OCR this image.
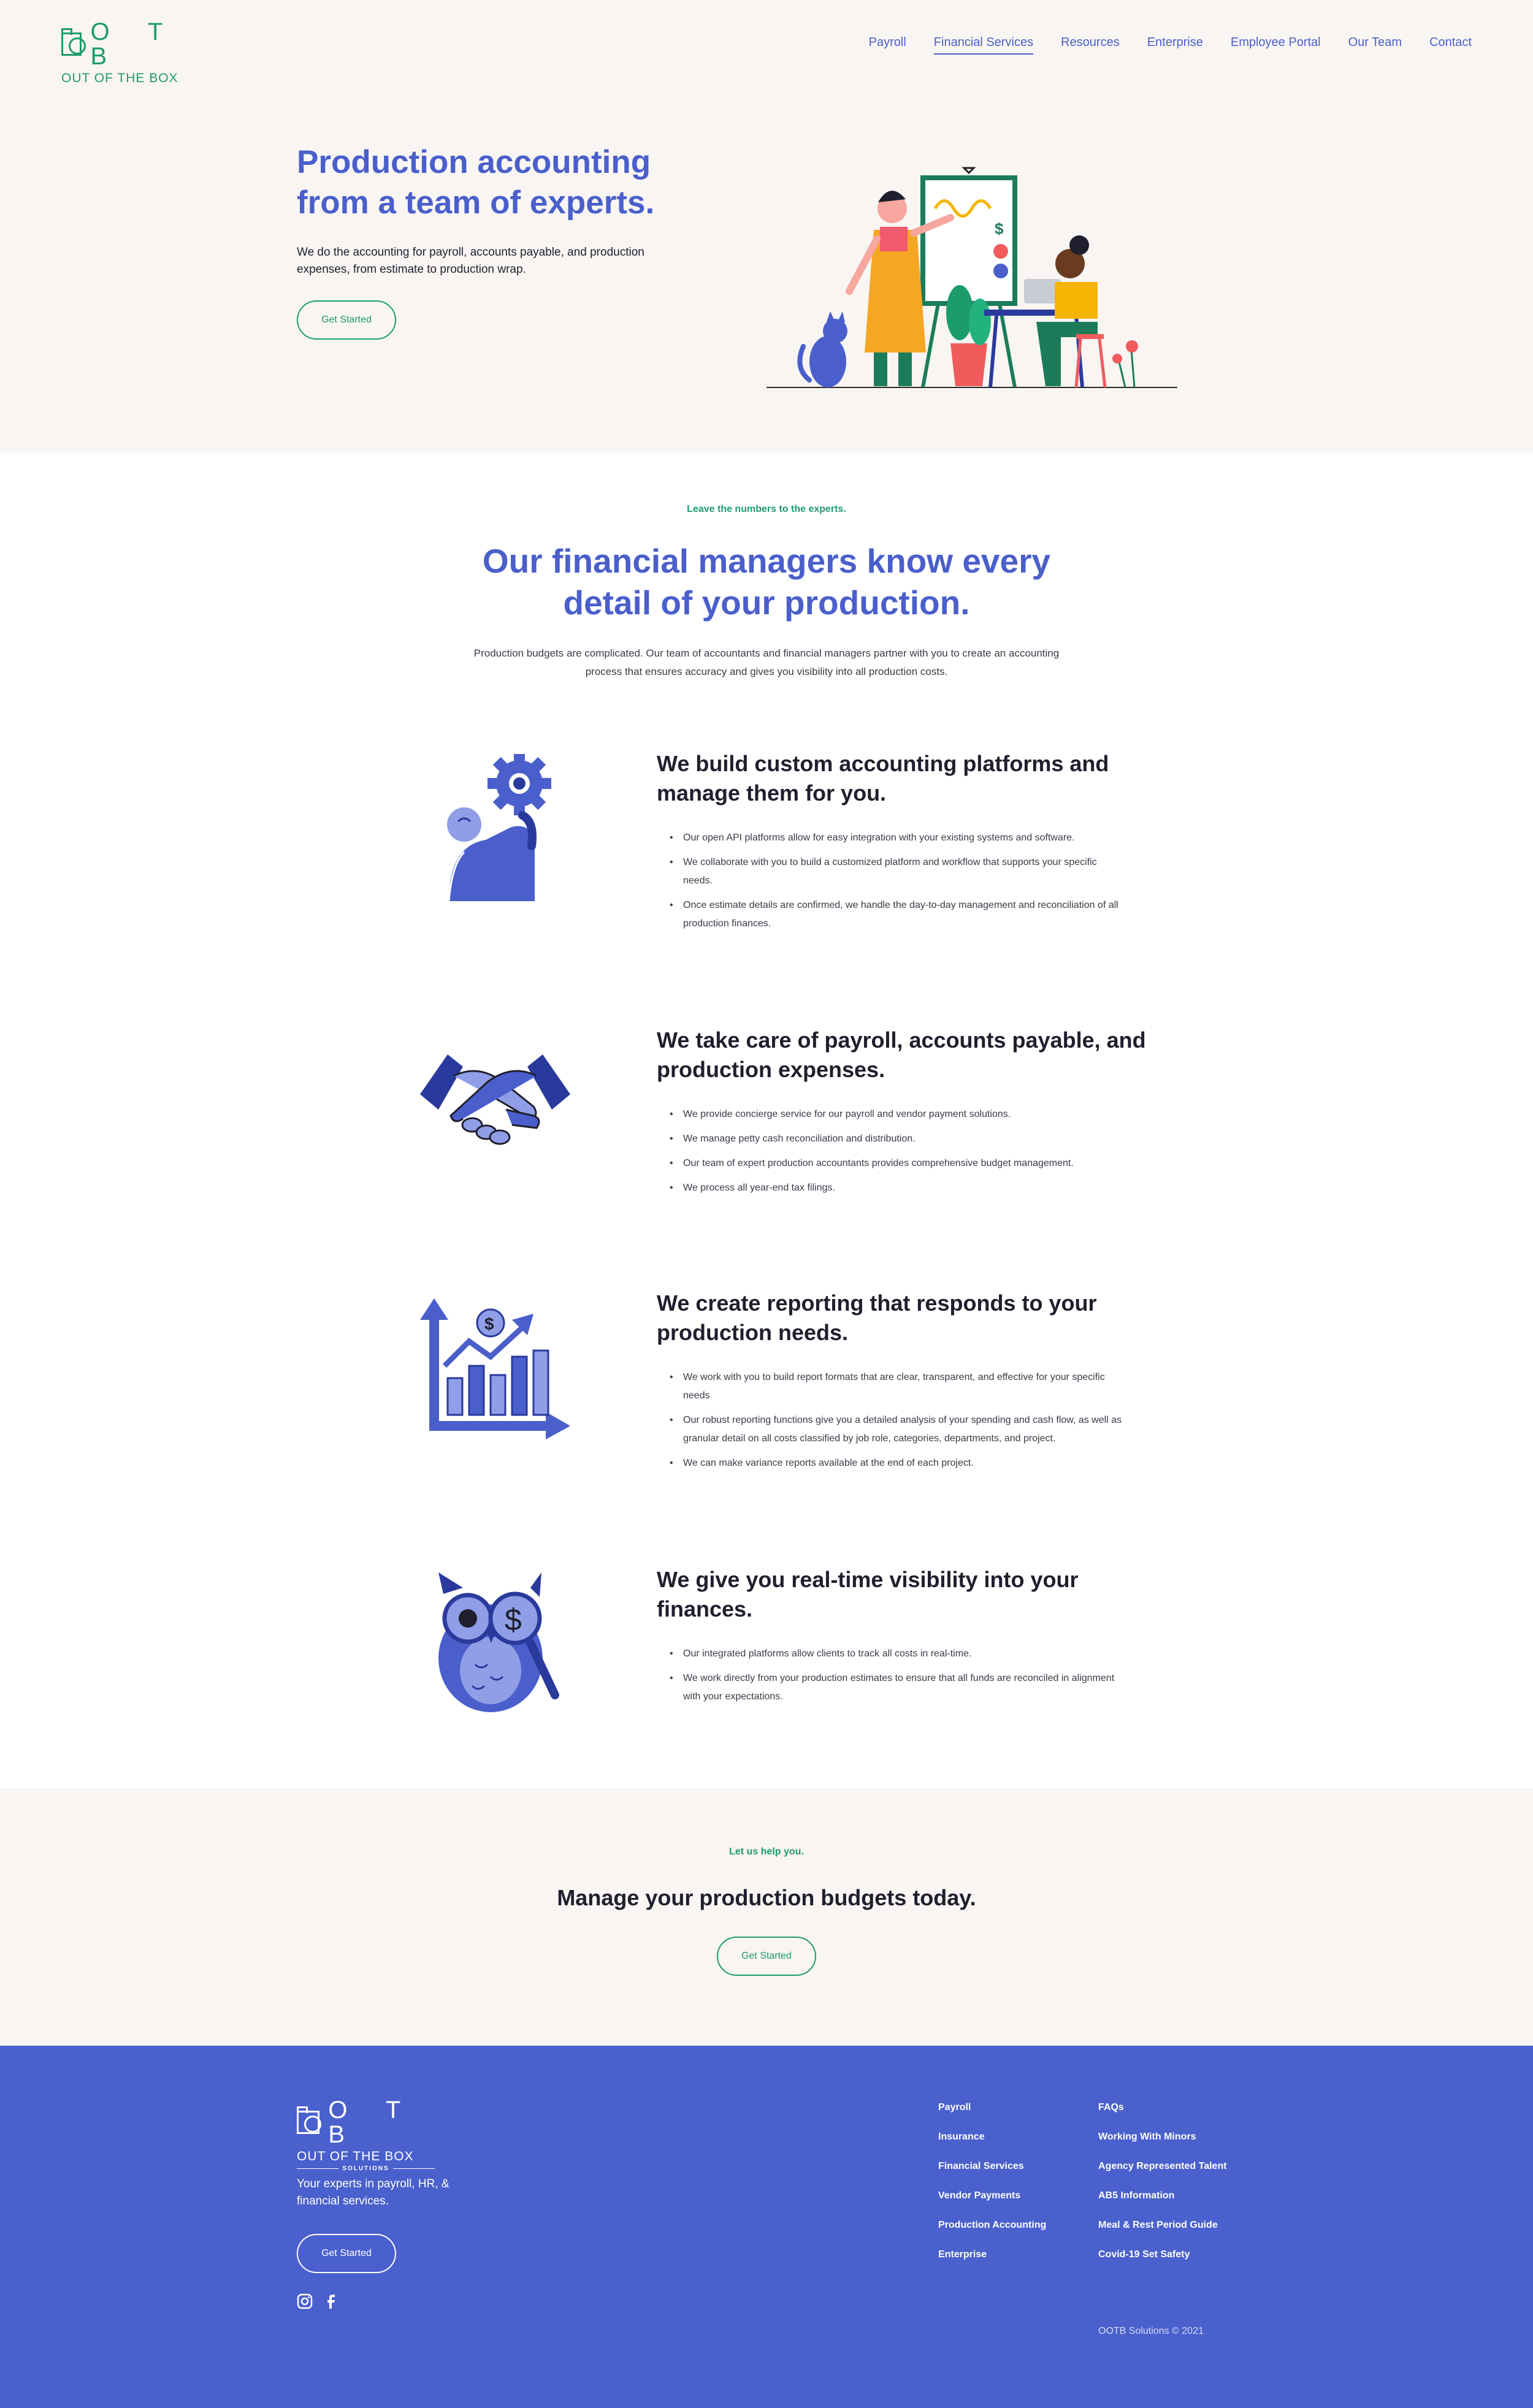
O T B
OUT OF THE BOX
Payroll Financial Services Resources Enterprise Employee Portal Our Team Contact
Production accounting from a team of experts.

We do the accounting for payroll, accounts payable, and production expenses, from estimate to production wrap.

Get Started
$
Leave the numbers to the experts.
Our financial managers know every detail of your production.

Production budgets are complicated. Our team of accountants and financial managers partner with you to create an accounting process that ensures accuracy and gives you visibility into all production costs.

We build custom accounting platforms and manage them for you.
• Our open API platforms allow for easy integration with your existing systems and software.
• We collaborate with you to build a customized platform and workflow that supports your specific needs.
• Once estimate details are confirmed, we handle the day-to-day management and reconciliation of all production finances.
We take care of payroll, accounts payable, and production expenses.
• We provide concierge service for our payroll and vendor payment solutions.
• We manage petty cash reconciliation and distribution.
• Our team of expert production accountants provides comprehensive budget management.
• We process all year-end tax filings.
$
We create reporting that responds to your production needs.
• We work with you to build report formats that are clear, transparent, and effective for your specific needs
• Our robust reporting functions give you a detailed analysis of your spending and cash flow, as well as granular detail on all costs classified by job role, categories, departments, and project.
• We can make variance reports available at the end of each project.
$
We give you real-time visibility into your finances.
• Our integrated platforms allow clients to track all costs in real-time.
• We work directly from your production estimates to ensure that all funds are reconciled in alignment with your expectations.
Let us help you.
Manage your production budgets today.
Get Started
O T B
OUT OF THE BOX
SOLUTIONS

Your experts in payroll, HR, & financial services.

Get Started
Payroll
Insurance
Financial Services
Vendor Payments
Production Accounting
Enterprise
FAQs
Working With Minors
Agency Represented Talent
AB5 Information
Meal & Rest Period Guide
Covid-19 Set Safety
OOTB Solutions © 2021
